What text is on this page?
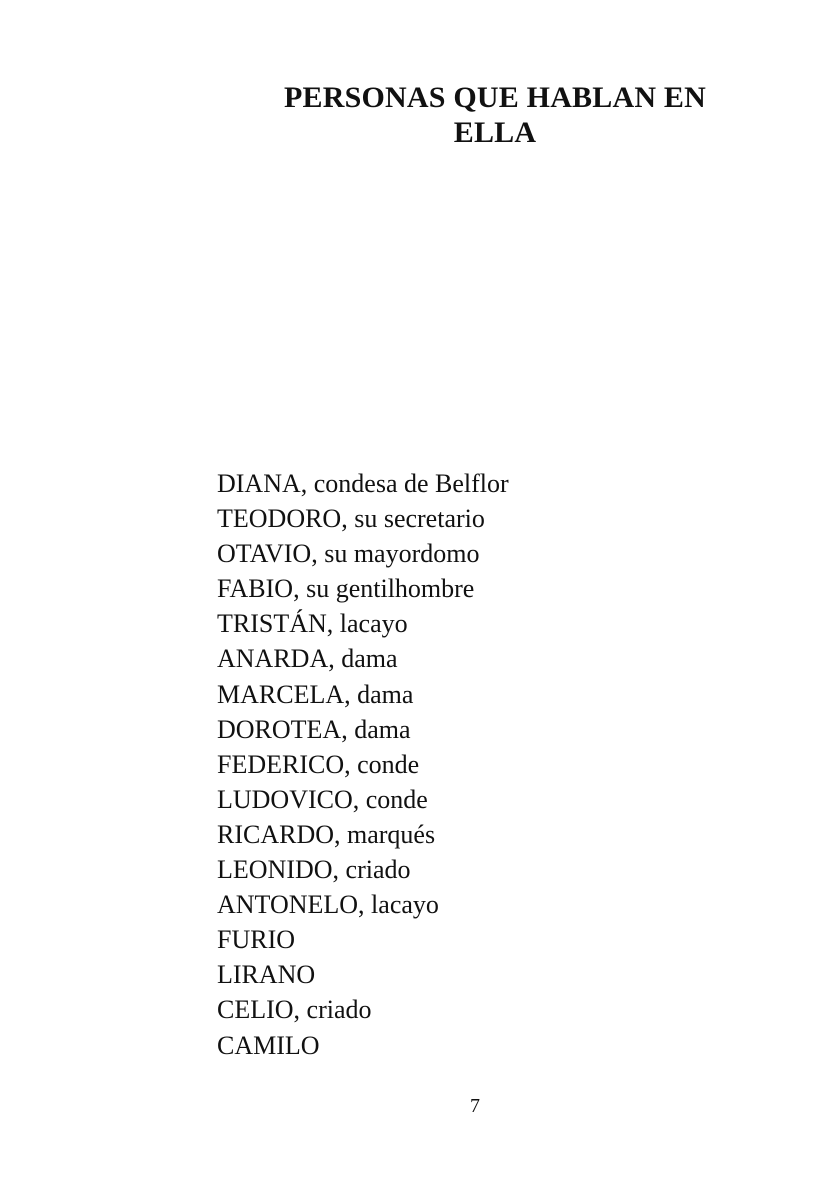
PERSONAS QUE HABLAN EN
ELLA
DIANA, condesa de Belflor
TEODORO, su secretario
OTAVIO, su mayordomo
FABIO, su gentilhombre
TRISTÁN, lacayo
ANARDA, dama
MARCELA, dama
DOROTEA, dama
FEDERICO, conde
LUDOVICO, conde
RICARDO, marqués
LEONIDO, criado
ANTONELO, lacayo
FURIO
LIRANO
CELIO, criado
CAMILO
7
